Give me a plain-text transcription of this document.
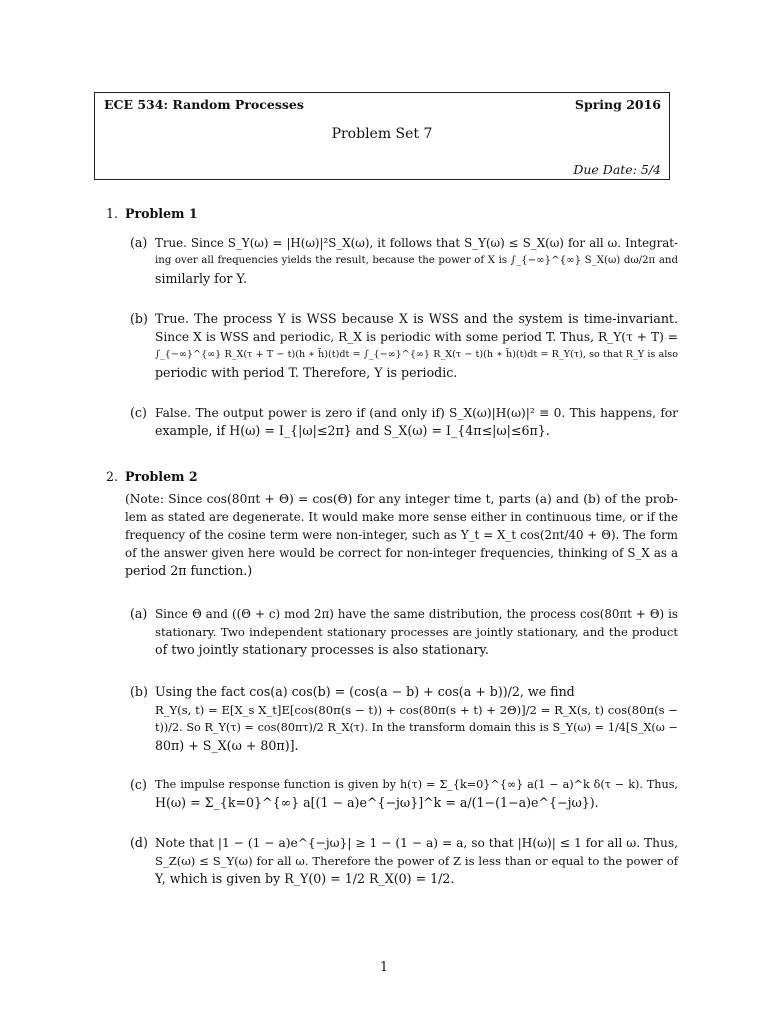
ECE 534: Random Processes	Spring 2016
Problem Set 7
Due Date: 5/4
1. Problem 1
(a) True. Since S_Y(ω) = |H(ω)|²S_X(ω), it follows that S_Y(ω) ≤ S_X(ω) for all ω. Integrat-
ing over all frequencies yields the result, because the power of X is ∫_{−∞}^{∞} S_X(ω) dω/2π and
similarly for Y.
(b) True. The process Y is WSS because X is WSS and the system is time-invariant.
Since X is WSS and periodic, R_X is periodic with some period T. Thus, R_Y(τ + T) =
∫_{−∞}^{∞} R_X(τ + T − t)(h ∗ h̃)(t)dt = ∫_{−∞}^{∞} R_X(τ − t)(h ∗ h̃)(t)dt = R_Y(τ), so that R_Y is also
periodic with period T. Therefore, Y is periodic.
(c) False. The output power is zero if (and only if) S_X(ω)|H(ω)|² ≡ 0. This happens, for
example, if H(ω) = I_{|ω|≤2π} and S_X(ω) = I_{4π≤|ω|≤6π}.
2. Problem 2
(Note: Since cos(80πt + Θ) = cos(Θ) for any integer time t, parts (a) and (b) of the prob-
lem as stated are degenerate. It would make more sense either in continuous time, or if the
frequency of the cosine term were non-integer, such as Y_t = X_t cos(2πt/40 + Θ). The form
of the answer given here would be correct for non-integer frequencies, thinking of S_X as a
period 2π function.)
(a) Since Θ and ((Θ + c) mod 2π) have the same distribution, the process cos(80πt + Θ) is
stationary. Two independent stationary processes are jointly stationary, and the product
of two jointly stationary processes is also stationary.
(b) Using the fact cos(a) cos(b) = (cos(a − b) + cos(a + b))/2, we find
R_Y(s, t) = E[X_s X_t]E[cos(80π(s − t)) + cos(80π(s + t) + 2Θ)]/2 = R_X(s, t) cos(80π(s −
t))/2. So R_Y(τ) = cos(80πτ)/2 R_X(τ). In the transform domain this is S_Y(ω) = 1/4[S_X(ω −
80π) + S_X(ω + 80π)].
(c) The impulse response function is given by h(τ) = Σ_{k=0}^{∞} a(1 − a)^k δ(τ − k). Thus,
H(ω) = Σ_{k=0}^{∞} a[(1 − a)e^{−jω}]^k = a/(1−(1−a)e^{−jω}).
(d) Note that |1 − (1 − a)e^{−jω}| ≥ 1 − (1 − a) = a, so that |H(ω)| ≤ 1 for all ω. Thus,
S_Z(ω) ≤ S_Y(ω) for all ω. Therefore the power of Z is less than or equal to the power of
Y, which is given by R_Y(0) = 1/2 R_X(0) = 1/2.
1
